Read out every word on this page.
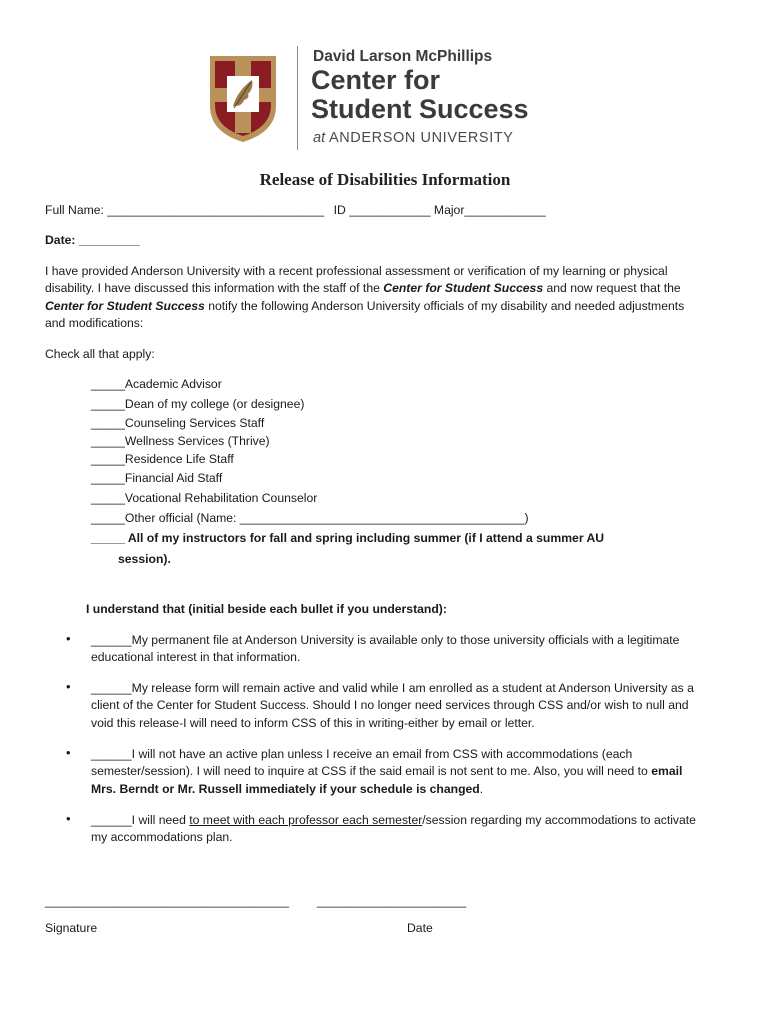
David Larson McPhillips
Center for
Student Success
at ANDERSON UNIVERSITY
Release of Disabilities Information
Full Name: ________________________________ ID ____________ Major____________
Date: _________

I have provided Anderson University with a recent professional assessment or verification of my learning or physical

disability. I have discussed this information with the staff of the Center for Student Success and now request that the

Center for Student Success notify the following Anderson University officials of my disability and needed adjustments

and modifications:

Check all that apply:
_____Academic Advisor
_____Dean of my college (or designee)
_____Counseling Services Staff
_____Wellness Services (Thrive)
_____Residence Life Staff
_____Financial Aid Staff
_____Vocational Rehabilitation Counselor
_____Other official (Name: __________________________________________)
_____ All of my instructors for fall and spring including summer (if I attend a summer AU
session).
I understand that (initial beside each bullet if you understand):
• ______My permanent file at Anderson University is available only to those university officials with a legitimate

educational interest in that information.

• ______My release form will remain active and valid while I am enrolled as a student at Anderson University as a

client of the Center for Student Success. Should I no longer need services through CSS and/or wish to null and

void this release-I will need to inform CSS of this in writing-either by email or letter.

• ______I will not have an active plan unless I receive an email from CSS with accommodations (each

semester/session). I will need to inquire at CSS if the said email is not sent to me. Also, you will need to email

Mrs. Berndt or Mr. Russell immediately if your schedule is changed.

• ______I will need to meet with each professor each semester/session regarding my accommodations to activate

my accommodations plan.

____________________________________ ______________________
Signature	Date
